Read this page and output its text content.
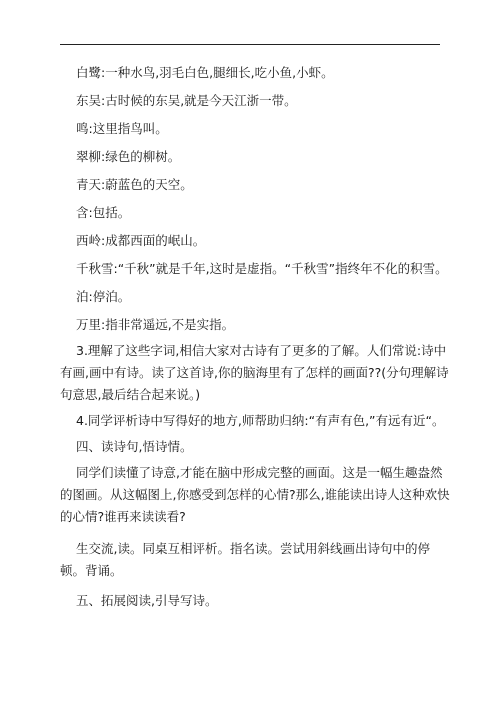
白鹭:一种水鸟,羽毛白色,腿细长,吃小鱼,小虾。

东吴:古时候的东吴,就是今天江浙一带。

鸣:这里指鸟叫。

翠柳:绿色的柳树。

青天:蔚蓝色的天空。

含:包括。

西岭:成都西面的岷山。

千秋雪:“千秋”就是千年,这时是虚指。“千秋雪”指终年不化的积雪。

泊:停泊。

万里:指非常遥远,不是实指。

3.理解了这些字词,相信大家对古诗有了更多的了解。人们常说:诗中有画,画中有诗。读了这首诗,你的脑海里有了怎样的画面??(分句理解诗句意思,最后结合起来说。)

4.同学评析诗中写得好的地方,师帮助归纳:“有声有色,”有远有近“。

四、读诗句,悟诗情。

同学们读懂了诗意,才能在脑中形成完整的画面。这是一幅生趣盎然的图画。从这幅图上,你感受到怎样的心情?那么,谁能读出诗人这种欢快的心情?谁再来读读看?

生交流,读。同桌互相评析。指名读。尝试用斜线画出诗句中的停顿。背诵。

五、拓展阅读,引导写诗。
